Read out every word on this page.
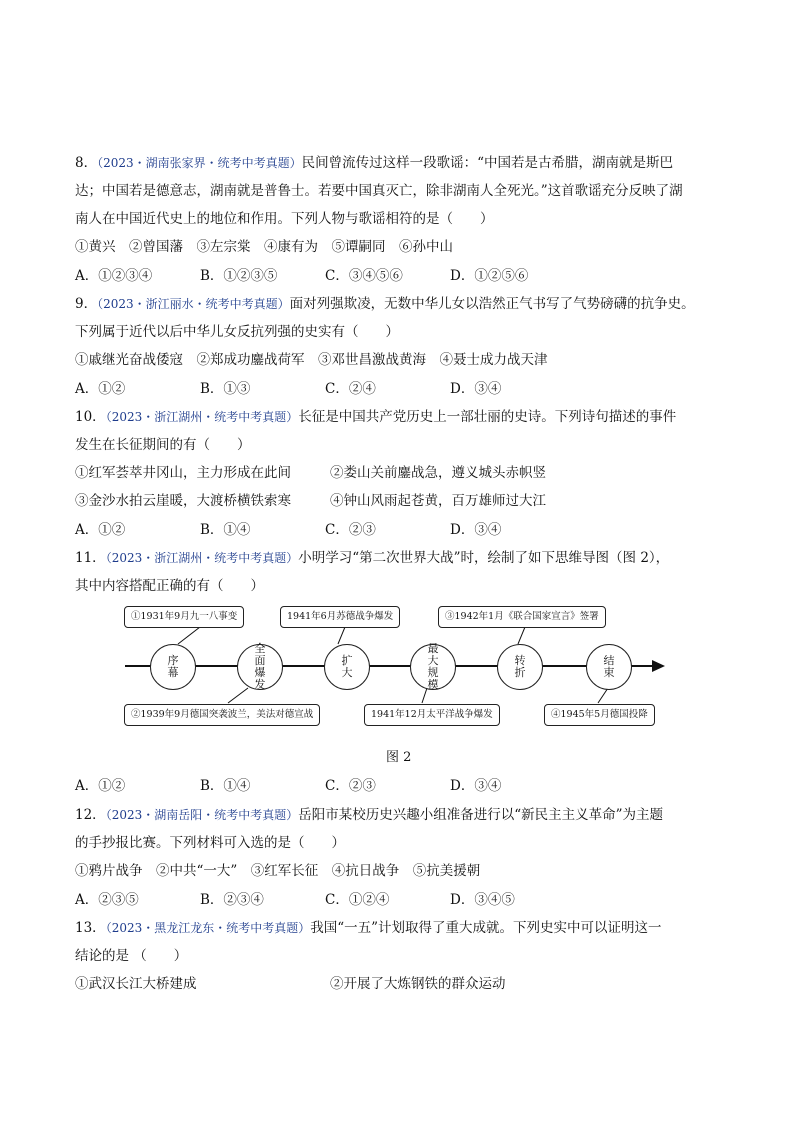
8．（2023・湖南张家界・统考中考真题）民间曾流传过这样一段歌谣：“中国若是古希腊，湖南就是斯巴
达；中国若是德意志，湖南就是普鲁士。若要中国真灭亡，除非湖南人全死光。”这首歌谣充分反映了湖
南人在中国近代史上的地位和作用。下列人物与歌谣相符的是（　　）
①黄兴　②曾国藩　③左宗棠　④康有为　⑤谭嗣同　⑥孙中山
A．①②③④	B．①②③⑤	C．③④⑤⑥	D．①②⑤⑥
9．（2023・浙江丽水・统考中考真题）面对列强欺凌，无数中华儿女以浩然正气书写了气势磅礴的抗争史。
下列属于近代以后中华儿女反抗列强的史实有（　　）
①戚继光奋战倭寇　②郑成功鏖战荷军　③邓世昌激战黄海　④聂士成力战天津
A．①②	B．①③	C．②④	D．③④
10．（2023・浙江湖州・统考中考真题）长征是中国共产党历史上一部壮丽的史诗。下列诗句描述的事件
发生在长征期间的有（　　）
①红军荟萃井冈山，主力形成在此间	②娄山关前鏖战急，遵义城头赤帜竖
③金沙水拍云崖暖，大渡桥横铁索寒	④钟山风雨起苍黄，百万雄师过大江
A．①②	B．①④	C．②③	D．③④
11．（2023・浙江湖州・统考中考真题）小明学习“第二次世界大战”时，绘制了如下思维导图（图 2），
其中内容搭配正确的有（　　）
①1931年9月九一八事变	1941年6月苏德战争爆发	③1942年1月《联合国家宣言》签署
序幕
全面爆发
扩大
最大规模
转折
结束
②1939年9月德国突袭波兰，美法对德宣战	1941年12月太平洋战争爆发	④1945年5月德国投降
图 2
A．①②	B．①④	C．②③	D．③④
12．（2023・湖南岳阳・统考中考真题）岳阳市某校历史兴趣小组准备进行以“新民主主义革命”为主题
的手抄报比赛。下列材料可入选的是（　　）
①鸦片战争　②中共“一大”　③红军长征　④抗日战争　⑤抗美援朝
A．②③⑤	B．②③④	C．①②④	D．③④⑤
13．（2023・黑龙江龙东・统考中考真题）我国“一五”计划取得了重大成就。下列史实中可以证明这一
结论的是 （　　）
①武汉长江大桥建成	②开展了大炼钢铁的群众运动
